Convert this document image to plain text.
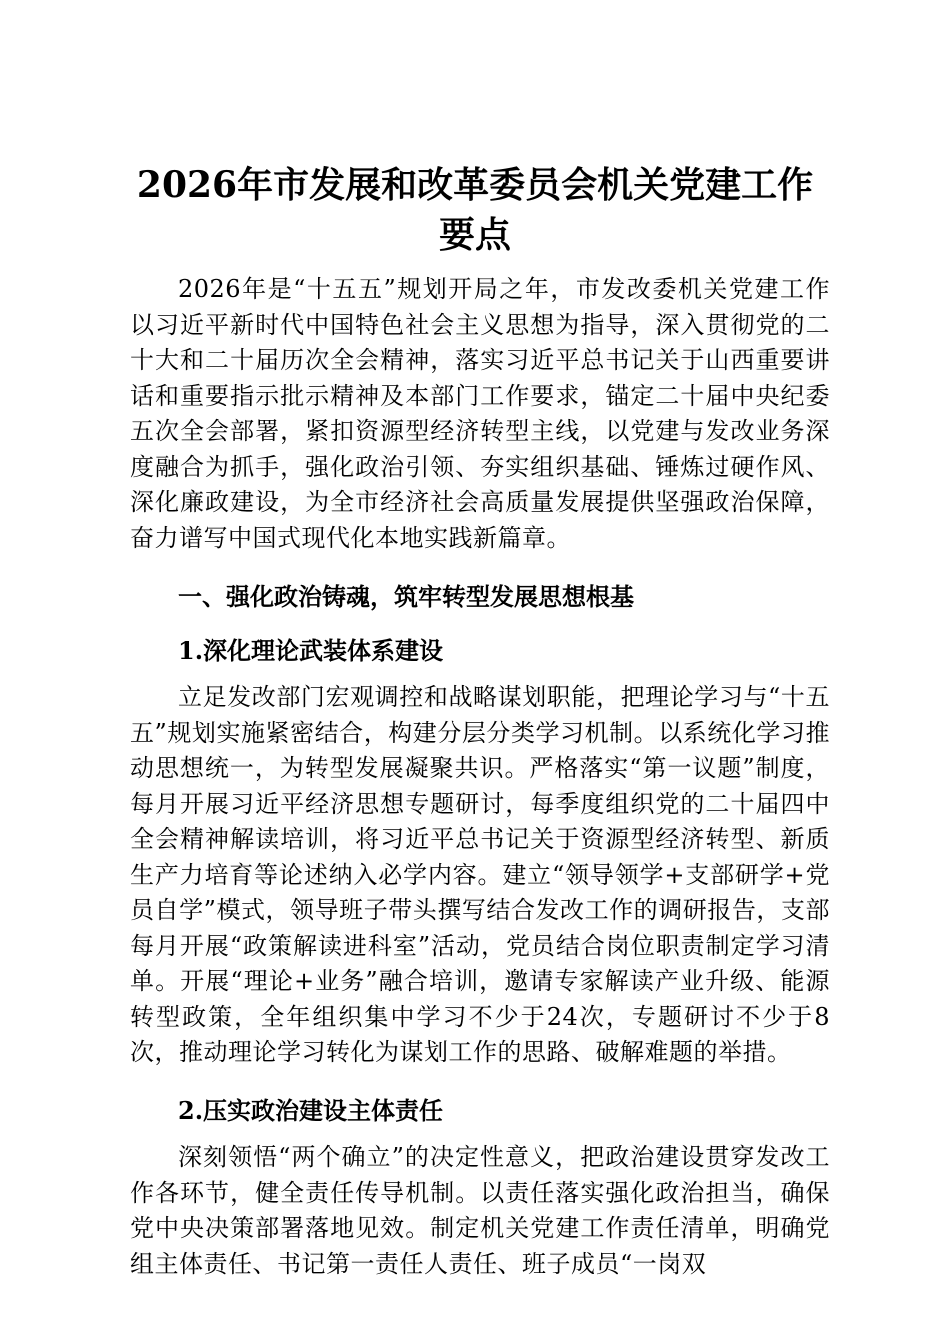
2026年市发展和改革委员会机关党建工作要点

2026年是“十五五”规划开局之年，市发改委机关党建工作以习近平新时代中国特色社会主义思想为指导，深入贯彻党的二十大和二十届历次全会精神，落实习近平总书记关于山西重要讲话和重要指示批示精神及本部门工作要求，锚定二十届中央纪委五次全会部署，紧扣资源型经济转型主线，以党建与发改业务深度融合为抓手，强化政治引领、夯实组织基础、锤炼过硬作风、深化廉政建设，为全市经济社会高质量发展提供坚强政治保障，奋力谱写中国式现代化本地实践新篇章。

一、强化政治铸魂，筑牢转型发展思想根基

1.深化理论武装体系建设

立足发改部门宏观调控和战略谋划职能，把理论学习与“十五五”规划实施紧密结合，构建分层分类学习机制。以系统化学习推动思想统一，为转型发展凝聚共识。严格落实“第一议题”制度，每月开展习近平经济思想专题研讨，每季度组织党的二十届四中全会精神解读培训，将习近平总书记关于资源型经济转型、新质生产力培育等论述纳入必学内容。建立“领导领学+支部研学+党员自学”模式，领导班子带头撰写结合发改工作的调研报告，支部每月开展“政策解读进科室”活动，党员结合岗位职责制定学习清单。开展“理论+业务”融合培训，邀请专家解读产业升级、能源转型政策，全年组织集中学习不少于24次，专题研讨不少于8次，推动理论学习转化为谋划工作的思路、破解难题的举措。

2.压实政治建设主体责任

深刻领悟“两个确立”的决定性意义，把政治建设贯穿发改工作各环节，健全责任传导机制。以责任落实强化政治担当，确保党中央决策部署落地见效。制定机关党建工作责任清单，明确党组主体责任、书记第一责任人责任、班子成员“一岗双
